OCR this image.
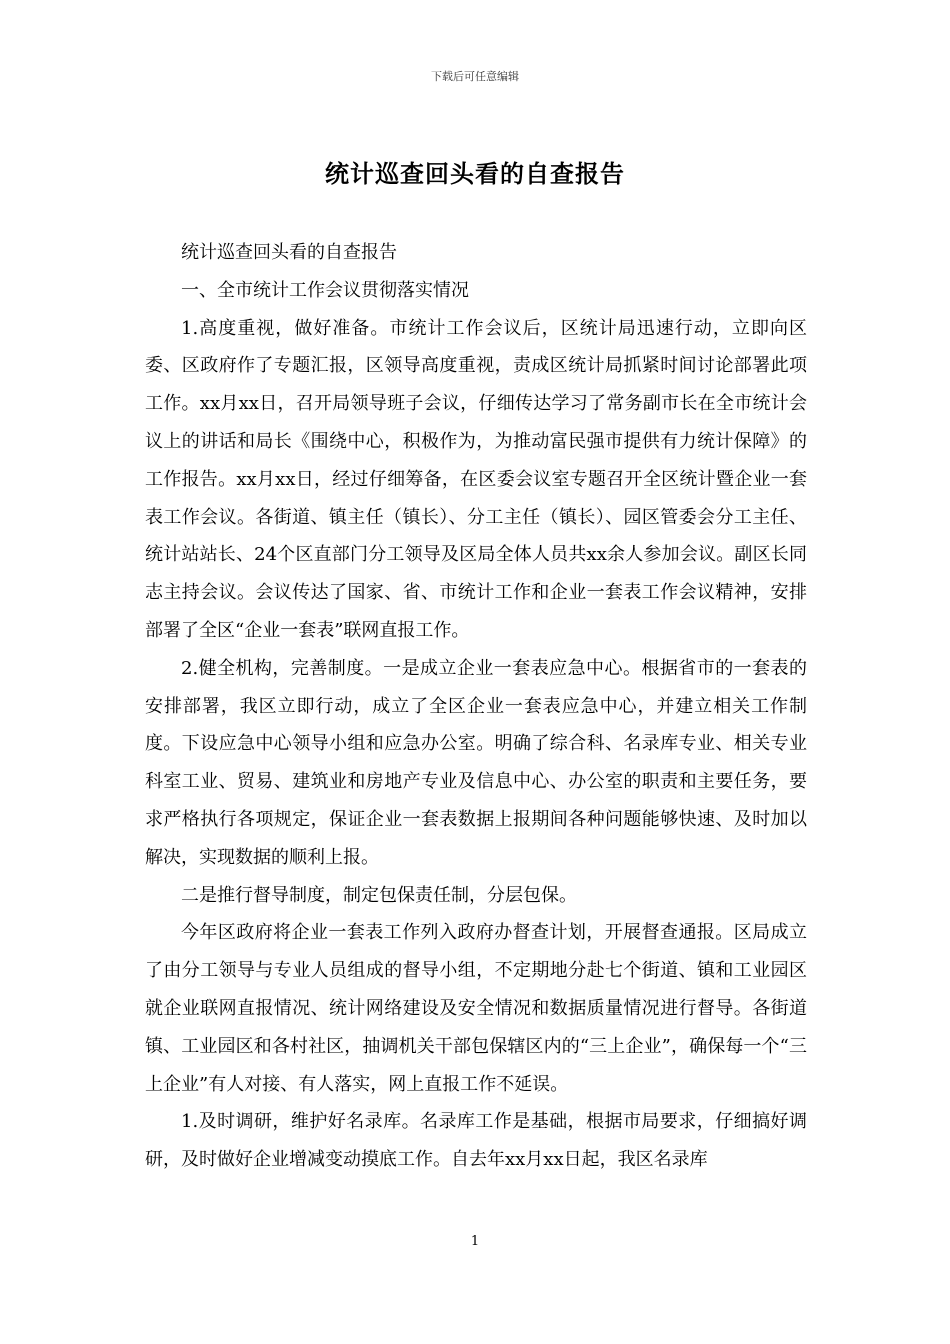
下载后可任意编辑
统计巡查回头看的自查报告

统计巡查回头看的自查报告

一、全市统计工作会议贯彻落实情况

1.高度重视，做好准备。市统计工作会议后，区统计局迅速行动，立即向区委、区政府作了专题汇报，区领导高度重视，责成区统计局抓紧时间讨论部署此项工作。xx月xx日，召开局领导班子会议，仔细传达学习了常务副市长在全市统计会议上的讲话和局长《围绕中心，积极作为，为推动富民强市提供有力统计保障》的工作报告。xx月xx日，经过仔细筹备，在区委会议室专题召开全区统计暨企业一套表工作会议。各街道、镇主任（镇长）、分工主任（镇长）、园区管委会分工主任、统计站站长、24个区直部门分工领导及区局全体人员共xx余人参加会议。副区长同志主持会议。会议传达了国家、省、市统计工作和企业一套表工作会议精神，安排部署了全区“企业一套表”联网直报工作。

2.健全机构，完善制度。一是成立企业一套表应急中心。根据省市的一套表的安排部署，我区立即行动，成立了全区企业一套表应急中心，并建立相关工作制度。下设应急中心领导小组和应急办公室。明确了综合科、名录库专业、相关专业科室工业、贸易、建筑业和房地产专业及信息中心、办公室的职责和主要任务，要求严格执行各项规定，保证企业一套表数据上报期间各种问题能够快速、及时加以解决，实现数据的顺利上报。

二是推行督导制度，制定包保责任制，分层包保。

今年区政府将企业一套表工作列入政府办督查计划，开展督查通报。区局成立了由分工领导与专业人员组成的督导小组，不定期地分赴七个街道、镇和工业园区就企业联网直报情况、统计网络建设及安全情况和数据质量情况进行督导。各街道镇、工业园区和各村社区，抽调机关干部包保辖区内的“三上企业”，确保每一个“三上企业”有人对接、有人落实，网上直报工作不延误。

1.及时调研，维护好名录库。名录库工作是基础，根据市局要求，仔细搞好调研，及时做好企业增减变动摸底工作。自去年xx月xx日起，我区名录库

1
